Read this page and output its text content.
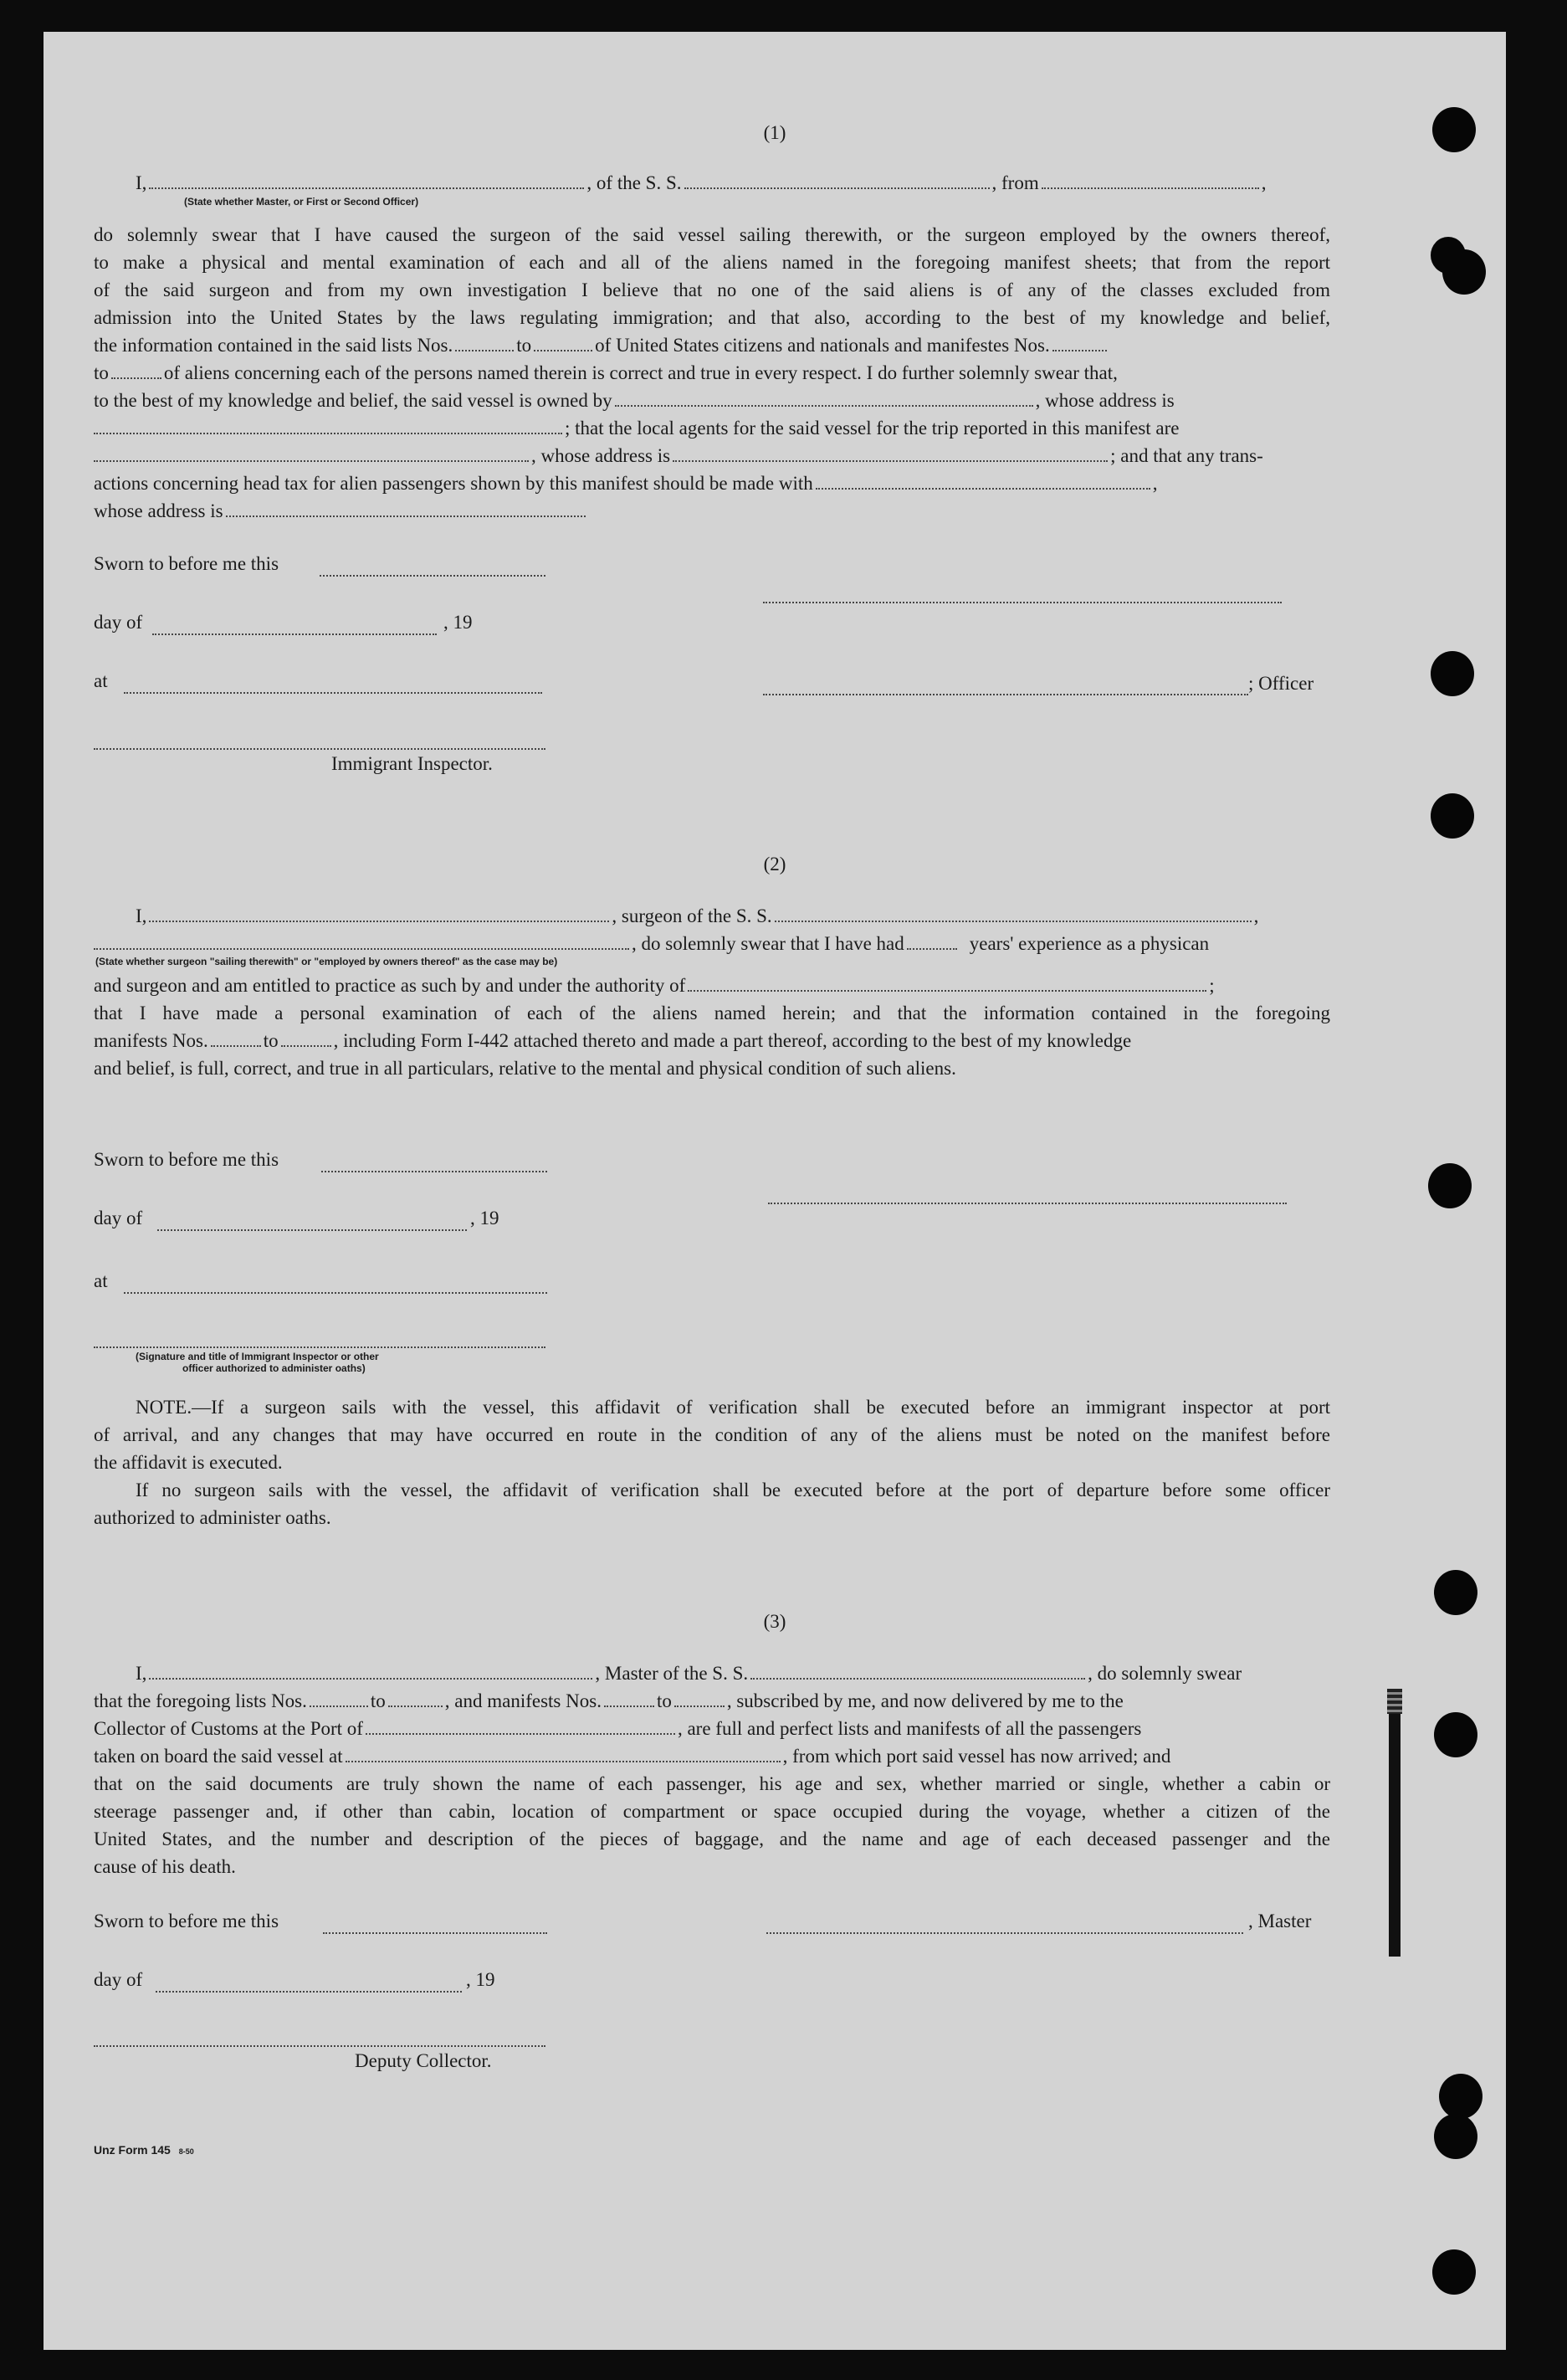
(1)
I,	, of the S. S.	, from	,
(State whether Master, or First or Second Officer)
do solemnly swear that I have caused the surgeon of the said vessel sailing therewith, or the surgeon employed by the owners thereof,
to make a physical and mental examination of each and all of the aliens named in the foregoing manifest sheets; that from the report
of the said surgeon and from my own investigation I believe that no one of the said aliens is of any of the classes excluded from
admission into the United States by the laws regulating immigration; and that also, according to the best of my knowledge and belief,
the information contained in the said lists Nos.	to	of United States citizens and nationals and manifestes Nos.
to	of aliens concerning each of the persons named therein is correct and true in every respect. I do further solemnly swear that,
to the best of my knowledge and belief, the said vessel is owned by	, whose address is
; that the local agents for the said vessel for the trip reported in this manifest are
, whose address is	; and that any trans-
actions concerning head tax for alien passengers shown by this manifest should be made with	,
whose address is
Sworn to before me this
day of	, 19
at	; Officer
Immigrant Inspector.
(2)
I,	, surgeon of the S. S.	,
, do solemnly swear that I have had	years' experience as a physican
(State whether surgeon "sailing therewith" or "employed by owners thereof" as the case may be)
and surgeon and am entitled to practice as such by and under the authority of	;
that I have made a personal examination of each of the aliens named herein; and that the information contained in the foregoing
manifests Nos.	to	, including Form I-442 attached thereto and made a part thereof, according to the best of my knowledge
and belief, is full, correct, and true in all particulars, relative to the mental and physical condition of such aliens.
Sworn to before me this
day of	, 19
at
(Signature and title of Immigrant Inspector or other
officer authorized to administer oaths)
NOTE.—If a surgeon sails with the vessel, this affidavit of verification shall be executed before an immigrant inspector at port
of arrival, and any changes that may have occurred en route in the condition of any of the aliens must be noted on the manifest before
the affidavit is executed.
If no surgeon sails with the vessel, the affidavit of verification shall be executed before at the port of departure before some officer
authorized to administer oaths.
(3)
I,	, Master of the S. S.	, do solemnly swear
that the foregoing lists Nos.	to	, and manifests Nos.	to	, subscribed by me, and now delivered by me to the
Collector of Customs at the Port of	, are full and perfect lists and manifests of all the passengers
taken on board the said vessel at	, from which port said vessel has now arrived; and
that on the said documents are truly shown the name of each passenger, his age and sex, whether married or single, whether a cabin or
steerage passenger and, if other than cabin, location of compartment or space occupied during the voyage, whether a citizen of the
United States, and the number and description of the pieces of baggage, and the name and age of each deceased passenger and the
cause of his death.
Sworn to before me this	, Master
day of	, 19
Deputy Collector.
Unz Form 145 8-50
